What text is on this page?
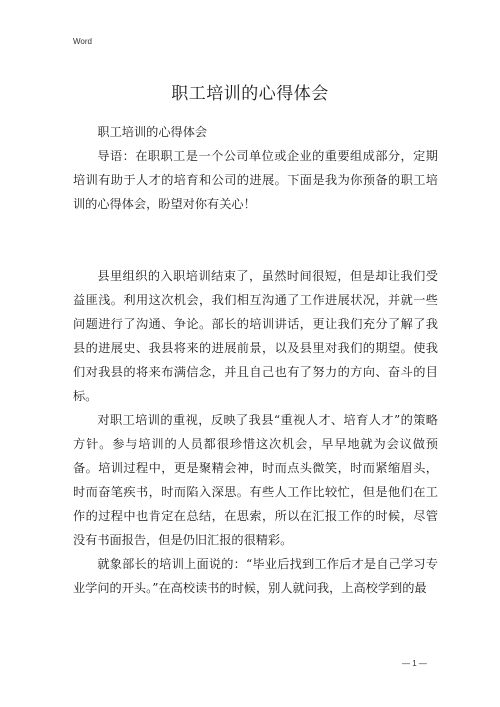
Word
职工培训的心得体会

职工培训的心得体会

导语：在职职工是一个公司单位或企业的重要组成部分，定期培训有助于人才的培育和公司的进展。下面是我为你预备的职工培训的心得体会，盼望对你有关心！

县里组织的入职培训结束了，虽然时间很短，但是却让我们受益匪浅。利用这次机会，我们相互沟通了工作进展状况，并就一些问题进行了沟通、争论。部长的培训讲话，更让我们充分了解了我县的进展史、我县将来的进展前景，以及县里对我们的期望。使我们对我县的将来布满信念，并且自己也有了努力的方向、奋斗的目标。

对职工培训的重视，反映了我县“重视人才、培育人才”的策略方针。参与培训的人员都很珍惜这次机会，早早地就为会议做预备。培训过程中，更是聚精会神，时而点头微笑，时而紧缩眉头，时而奋笔疾书，时而陷入深思。有些人工作比较忙，但是他们在工作的过程中也肯定在总结，在思索，所以在汇报工作的时候，尽管没有书面报告，但是仍旧汇报的很精彩。

就象部长的培训上面说的：“毕业后找到工作后才是自己学习专业学问的开头。”在高校读书的时候，别人就问我，上高校学到的最

— 1 —
